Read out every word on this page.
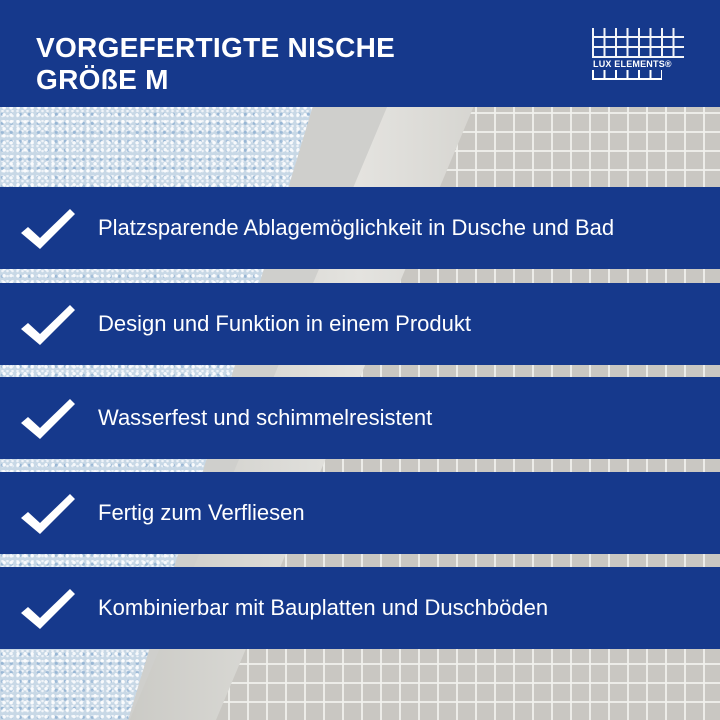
VORGEFERTIGTE NISCHE
GRÖßE M	LUX ELEMENTS®
Platzsparende Ablagemöglichkeit in Dusche und Bad
Design und Funktion in einem Produkt
Wasserfest und schimmelresistent
Fertig zum Verfliesen
Kombinierbar mit Bauplatten und Duschböden
